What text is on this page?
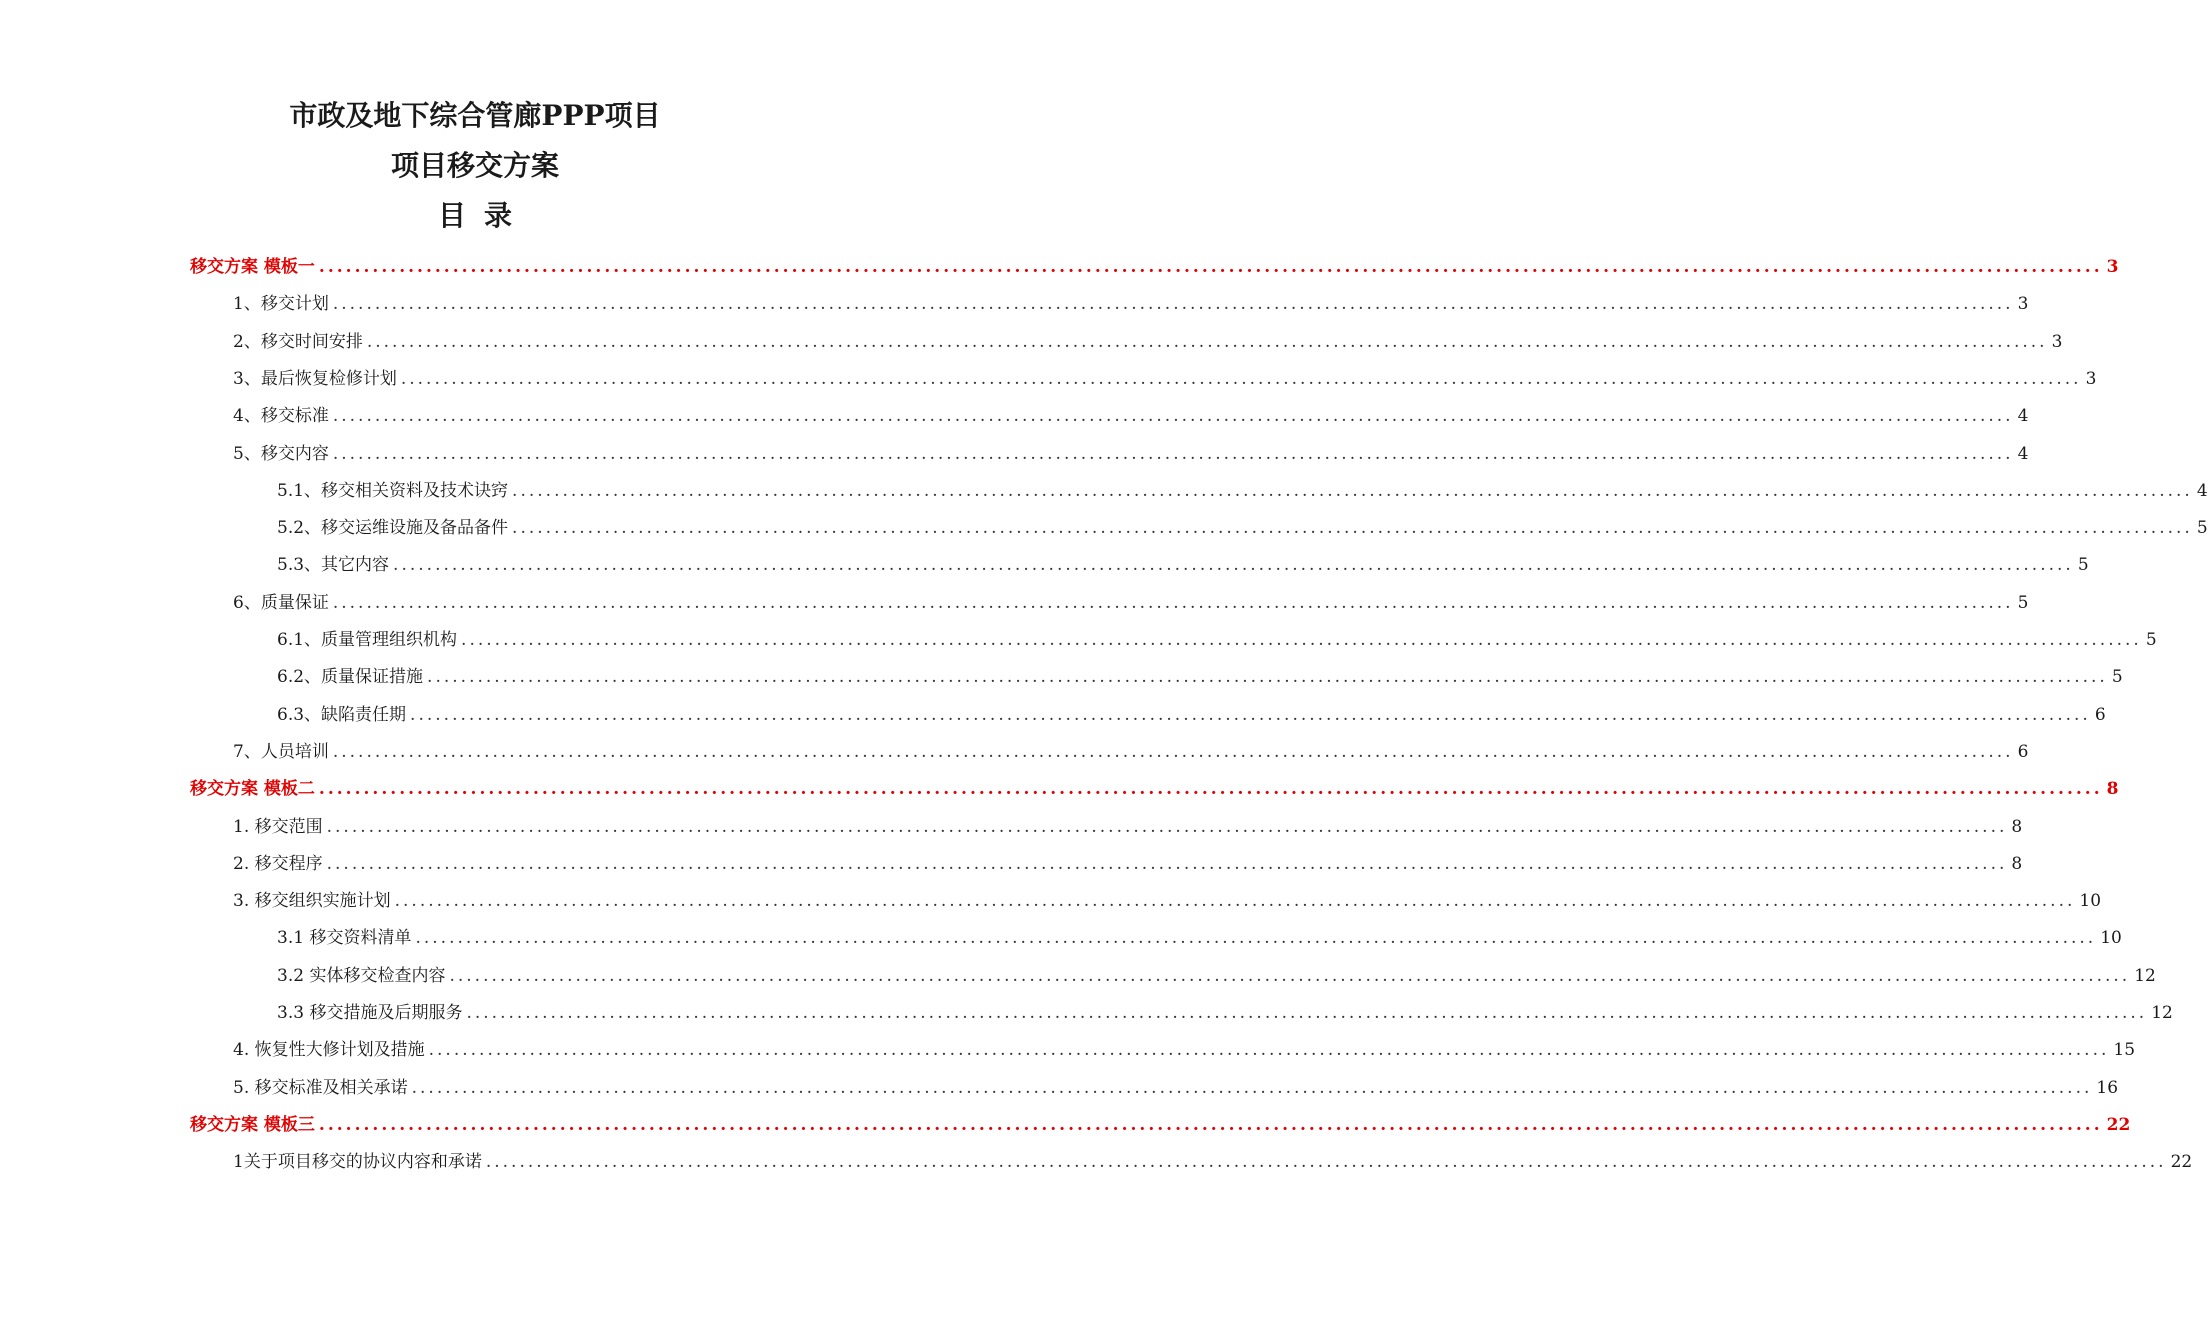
市政及地下综合管廊PPP项目
项目移交方案
目录
移交方案 模板一 ........................................................................................................................................................................................................ 3
1、移交计划 ........................................................................................................................................................................................................ 3
2、移交时间安排 ........................................................................................................................................................................................................ 3
3、最后恢复检修计划 ........................................................................................................................................................................................................ 3
4、移交标准 ........................................................................................................................................................................................................ 4
5、移交内容 ........................................................................................................................................................................................................ 4
5.1、移交相关资料及技术诀窍 ........................................................................................................................................................................................................ 4
5.2、移交运维设施及备品备件 ........................................................................................................................................................................................................ 5
5.3、其它内容 ........................................................................................................................................................................................................ 5
6、质量保证 ........................................................................................................................................................................................................ 5
6.1、质量管理组织机构 ........................................................................................................................................................................................................ 5
6.2、质量保证措施 ........................................................................................................................................................................................................ 5
6.3、缺陷责任期 ........................................................................................................................................................................................................ 6
7、人员培训 ........................................................................................................................................................................................................ 6
移交方案 模板二 ........................................................................................................................................................................................................ 8
1. 移交范围 ........................................................................................................................................................................................................ 8
2. 移交程序 ........................................................................................................................................................................................................ 8
3. 移交组织实施计划 ........................................................................................................................................................................................................ 10
3.1 移交资料清单 ........................................................................................................................................................................................................ 10
3.2 实体移交检查内容 ........................................................................................................................................................................................................ 12
3.3 移交措施及后期服务 ........................................................................................................................................................................................................ 12
4. 恢复性大修计划及措施 ........................................................................................................................................................................................................ 15
5. 移交标准及相关承诺 ........................................................................................................................................................................................................ 16
移交方案 模板三 ........................................................................................................................................................................................................ 22
1关于项目移交的协议内容和承诺 ........................................................................................................................................................................................................ 22
